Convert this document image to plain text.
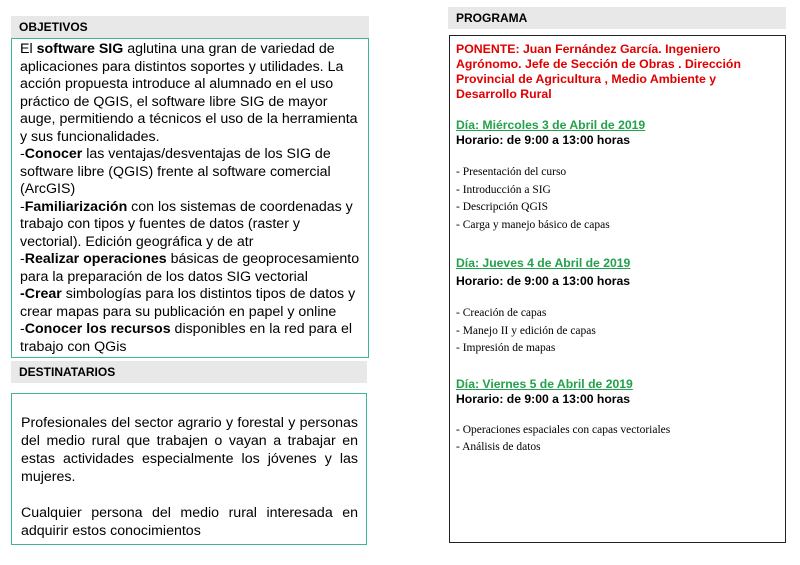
OBJETIVOS

El software SIG aglutina una gran de variedad de aplicaciones para distintos soportes y utilidades. La acción propuesta introduce al alumnado en el uso práctico de QGIS, el software libre SIG de mayor auge, permitiendo a técnicos el uso de la herramienta y sus funcionalidades.

-Conocer las ventajas/desventajas de los SIG de software libre (QGIS) frente al software comercial (ArcGIS)

-Familiarización con los sistemas de coordenadas y trabajo con tipos y fuentes de datos (raster y vectorial). Edición geográfica y de atr

-Realizar operaciones básicas de geoprocesamiento para la preparación de los datos SIG vectorial

-Crear simbologías para los distintos tipos de datos y crear mapas para su publicación en papel y online

-Conocer los recursos disponibles en la red para el trabajo con QGis

DESTINATARIOS

Profesionales del sector agrario y forestal y personas del medio rural que trabajen o vayan a trabajar en estas actividades especialmente los jóvenes y las mujeres.

Cualquier persona del medio rural interesada en adquirir estos conocimientos

PROGRAMA

PONENTE: Juan Fernández García. Ingeniero Agrónomo. Jefe de Sección de Obras . Dirección Provincial de Agricultura , Medio Ambiente y Desarrollo Rural

Día: Miércoles 3 de Abril de 2019

Horario: de 9:00 a 13:00 horas

- Presentación del curso
- Introducción a SIG
- Descripción QGIS
- Carga y manejo básico de capas

Día: Jueves 4 de Abril de 2019

Horario: de 9:00 a 13:00 horas

- Creación de capas
- Manejo II y edición de capas
- Impresión de mapas

Día: Viernes 5 de Abril de 2019

Horario: de 9:00 a 13:00 horas

- Operaciones espaciales con capas vectoriales
- Análisis de datos
